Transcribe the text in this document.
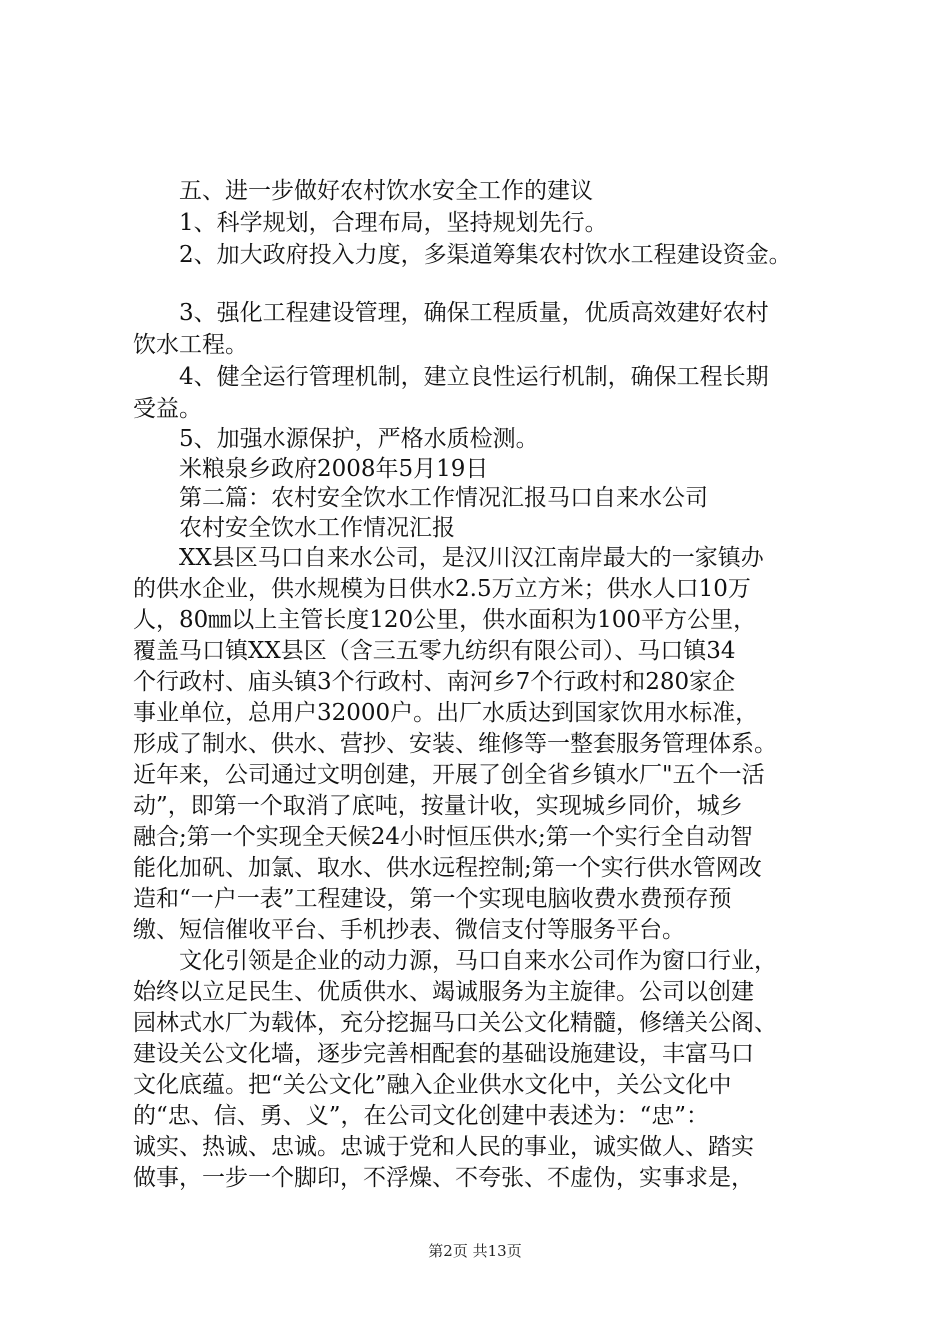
　　五、进一步做好农村饮水安全工作的建议
　　1、科学规划，合理布局，坚持规划先行。
　　2、加大政府投入力度，多渠道筹集农村饮水工程建设资金。
　　3、强化工程建设管理，确保工程质量，优质高效建好农村
饮水工程。
　　4、健全运行管理机制，建立良性运行机制，确保工程长期
受益。
　　5、加强水源保护，严格水质检测。
　　米粮泉乡政府2008年5月19日
　　第二篇：农村安全饮水工作情况汇报马口自来水公司
　　农村安全饮水工作情况汇报
　　XX县区马口自来水公司，是汉川汉江南岸最大的一家镇办
的供水企业，供水规模为日供水2.5万立方米；供水人口10万
人，80㎜以上主管长度120公里，供水面积为100平方公里，
覆盖马口镇XX县区（含三五零九纺织有限公司）、马口镇34
个行政村、庙头镇3个行政村、南河乡7个行政村和280家企
事业单位，总用户32000户。出厂水质达到国家饮用水标准，
形成了制水、供水、营抄、安装、维修等一整套服务管理体系。
近年来，公司通过文明创建，开展了创全省乡镇水厂"五个一活
动”，即第一个取消了底吨，按量计收，实现城乡同价，城乡
融合;第一个实现全天候24小时恒压供水;第一个实行全自动智
能化加矾、加氯、取水、供水远程控制;第一个实行供水管网改
造和“一户一表”工程建设，第一个实现电脑收费水费预存预
缴、短信催收平台、手机抄表、微信支付等服务平台。
　　文化引领是企业的动力源，马口自来水公司作为窗口行业，
始终以立足民生、优质供水、竭诚服务为主旋律。公司以创建
园林式水厂为载体，充分挖掘马口关公文化精髓，修缮关公阁、
建设关公文化墙，逐步完善相配套的基础设施建设，丰富马口
文化底蕴。把“关公文化”融入企业供水文化中，关公文化中
的“忠、信、勇、义”，在公司文化创建中表述为：“忠”：
诚实、热诚、忠诚。忠诚于党和人民的事业，诚实做人、踏实
做事，一步一个脚印，不浮燥、不夸张、不虚伪，实事求是，
第2页 共13页
